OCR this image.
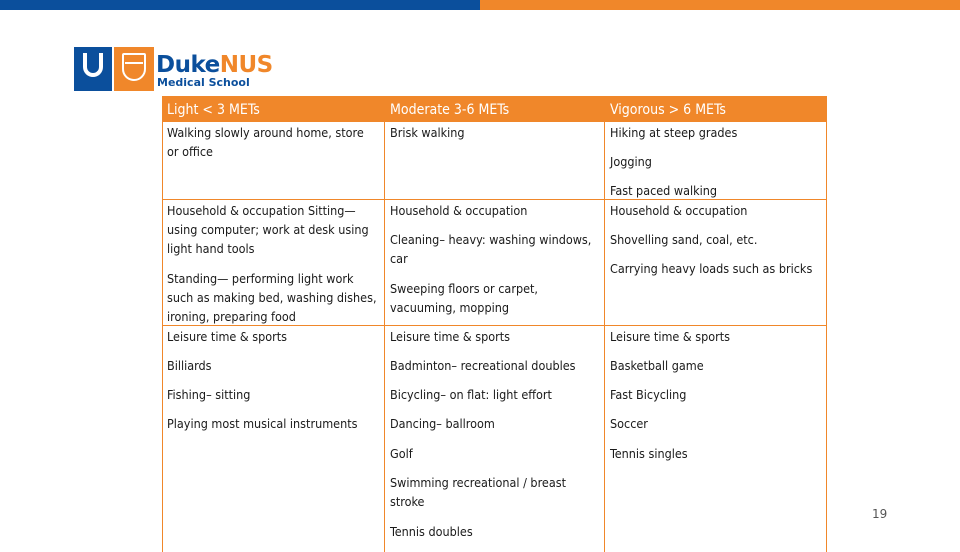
DukeNUS
Medical School
Light < 3 METs	Moderate 3-6 METs	Vigorous > 6 METs
Walking slowly around home, store
or office
Household & occupation Sitting—
using computer; work at desk using
light hand tools
Standing— performing light work
such as making bed, washing dishes,
ironing, preparing food
Leisure time & sports
Billiards
Fishing– sitting
Playing most musical instruments
Brisk walking
Household & occupation
Cleaning– heavy: washing windows,
car
Sweeping floors or carpet,
vacuuming, mopping
Leisure time & sports
Badminton– recreational doubles
Bicycling– on flat: light effort
Dancing– ballroom
Golf
Swimming recreational / breast
stroke
Tennis doubles
Hiking at steep grades
Jogging
Fast paced walking
Household & occupation
Shovelling sand, coal, etc.
Carrying heavy loads such as bricks
Leisure time & sports
Basketball game
Fast Bicycling
Soccer
Tennis singles
19
